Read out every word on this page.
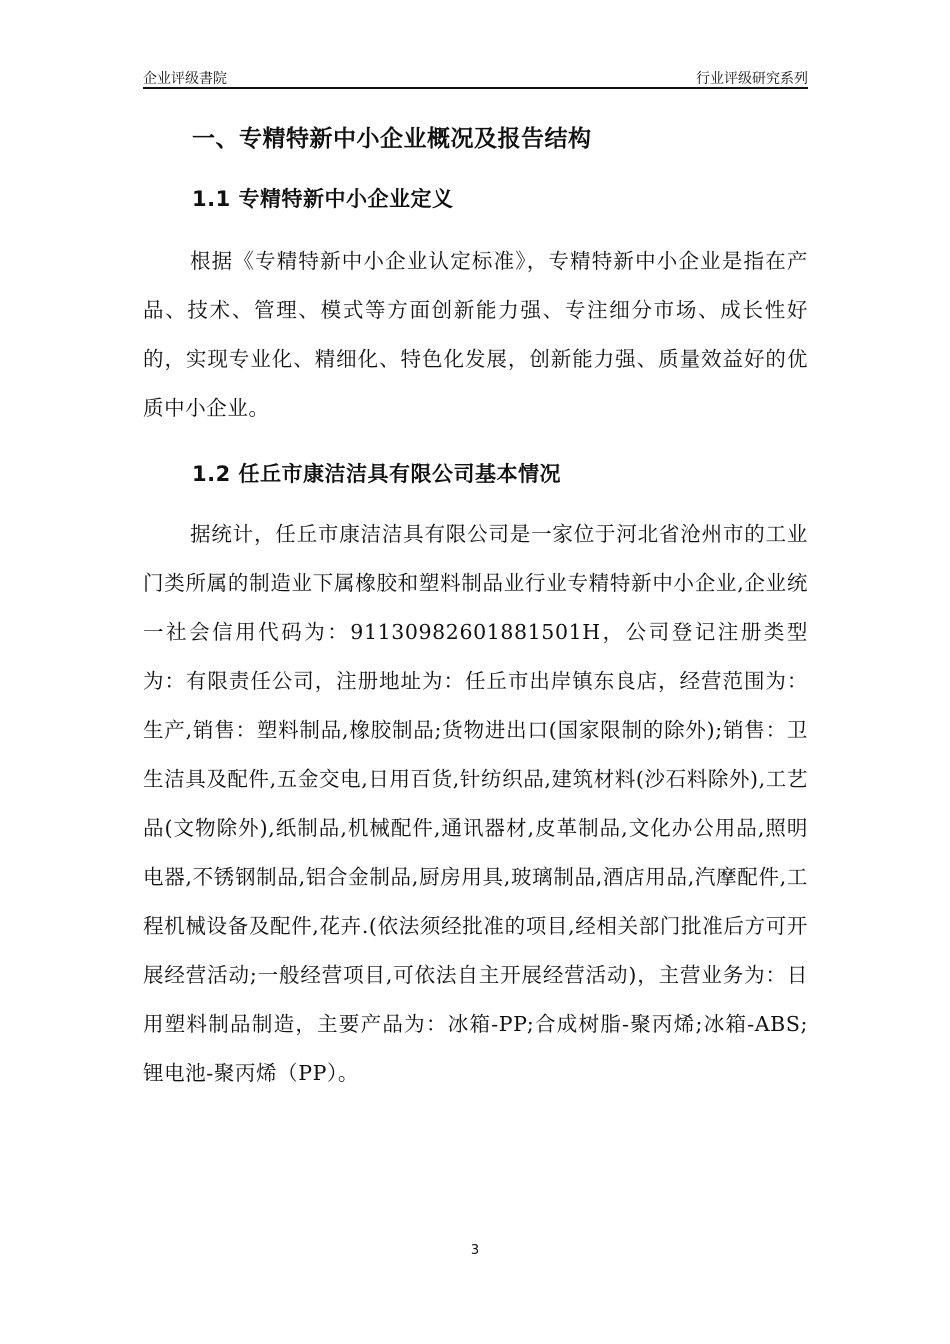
企业评级書院	行业评级研究系列
一、专精特新中小企业概况及报告结构
1.1 专精特新中小企业定义

根据《专精特新中小企业认定标准》，专精特新中小企业是指在产品、技术、管理、模式等方面创新能力强、专注细分市场、成长性好的，实现专业化、精细化、特色化发展，创新能力强、质量效益好的优质中小企业。

1.2 任丘市康洁洁具有限公司基本情况

据统计，任丘市康洁洁具有限公司是一家位于河北省沧州市的工业门类所属的制造业下属橡胶和塑料制品业行业专精特新中小企业,企业统一社会信用代码为：91130982601881501H，公司登记注册类型为：有限责任公司，注册地址为：任丘市出岸镇东良店，经营范围为：生产,销售：塑料制品,橡胶制品;货物进出口(国家限制的除外);销售：卫生洁具及配件,五金交电,日用百货,针纺织品,建筑材料(沙石料除外),工艺品(文物除外),纸制品,机械配件,通讯器材,皮革制品,文化办公用品,照明电器,不锈钢制品,铝合金制品,厨房用具,玻璃制品,酒店用品,汽摩配件,工程机械设备及配件,花卉.(依法须经批准的项目,经相关部门批准后方可开展经营活动;一般经营项目,可依法自主开展经营活动)，主营业务为：日用塑料制品制造，主要产品为：冰箱-PP;合成树脂-聚丙烯;冰箱-ABS;锂电池-聚丙烯（PP）。

3
